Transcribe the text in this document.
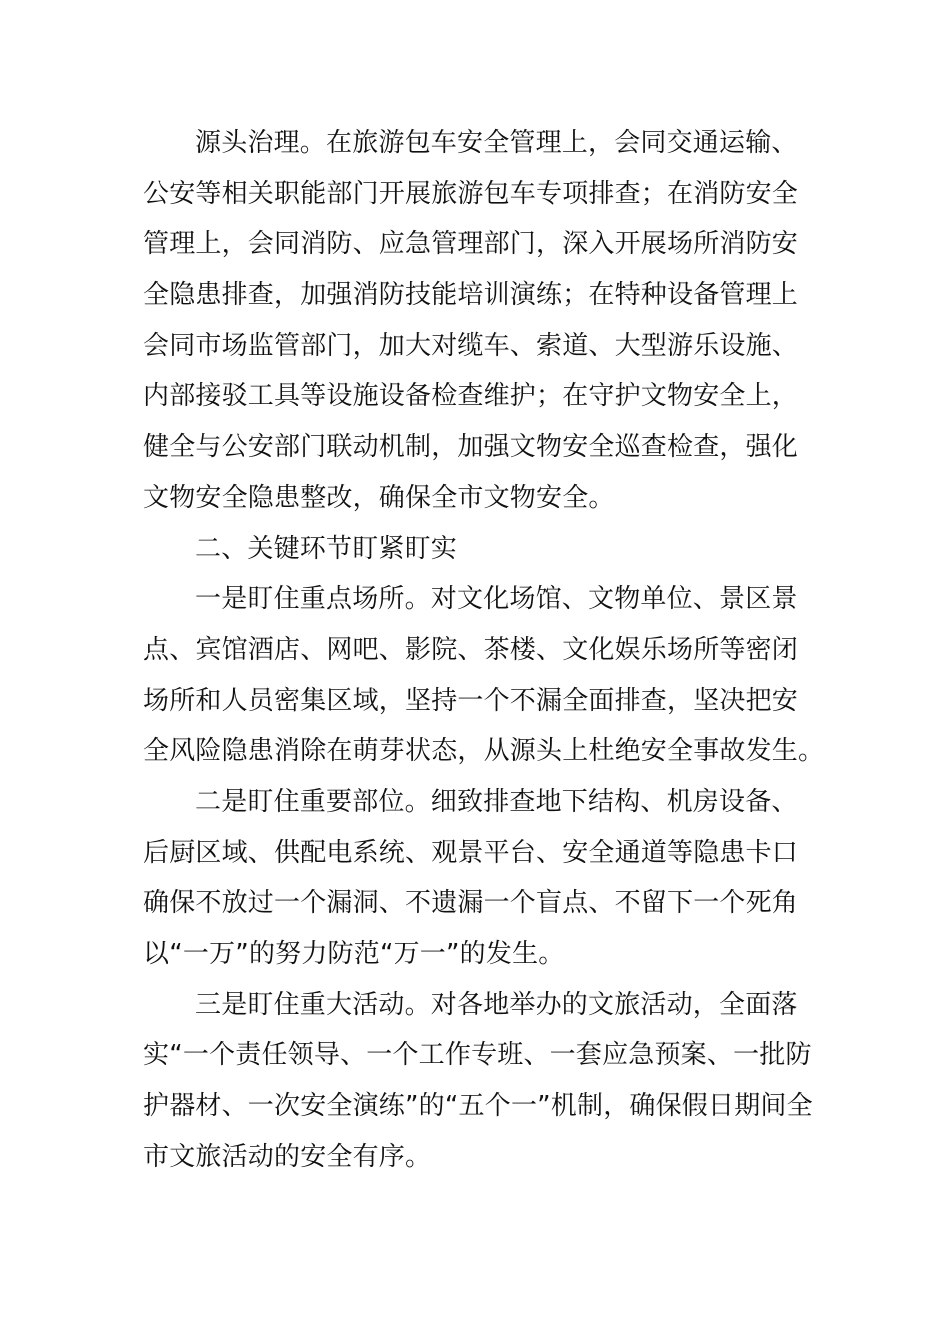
源头治理。在旅游包车安全管理上，会同交通运输、
公安等相关职能部门开展旅游包车专项排查；在消防安全
管理上，会同消防、应急管理部门，深入开展场所消防安
全隐患排查，加强消防技能培训演练；在特种设备管理上
会同市场监管部门，加大对缆车、索道、大型游乐设施、
内部接驳工具等设施设备检查维护；在守护文物安全上，
健全与公安部门联动机制，加强文物安全巡查检查，强化
文物安全隐患整改，确保全市文物安全。
二、关键环节盯紧盯实
一是盯住重点场所。对文化场馆、文物单位、景区景
点、宾馆酒店、网吧、影院、茶楼、文化娱乐场所等密闭
场所和人员密集区域，坚持一个不漏全面排查，坚决把安
全风险隐患消除在萌芽状态，从源头上杜绝安全事故发生。
二是盯住重要部位。细致排查地下结构、机房设备、
后厨区域、供配电系统、观景平台、安全通道等隐患卡口
确保不放过一个漏洞、不遗漏一个盲点、不留下一个死角
以“一万”的努力防范“万一”的发生。
三是盯住重大活动。对各地举办的文旅活动，全面落
实“一个责任领导、一个工作专班、一套应急预案、一批防
护器材、一次安全演练”的“五个一”机制，确保假日期间全
市文旅活动的安全有序。
